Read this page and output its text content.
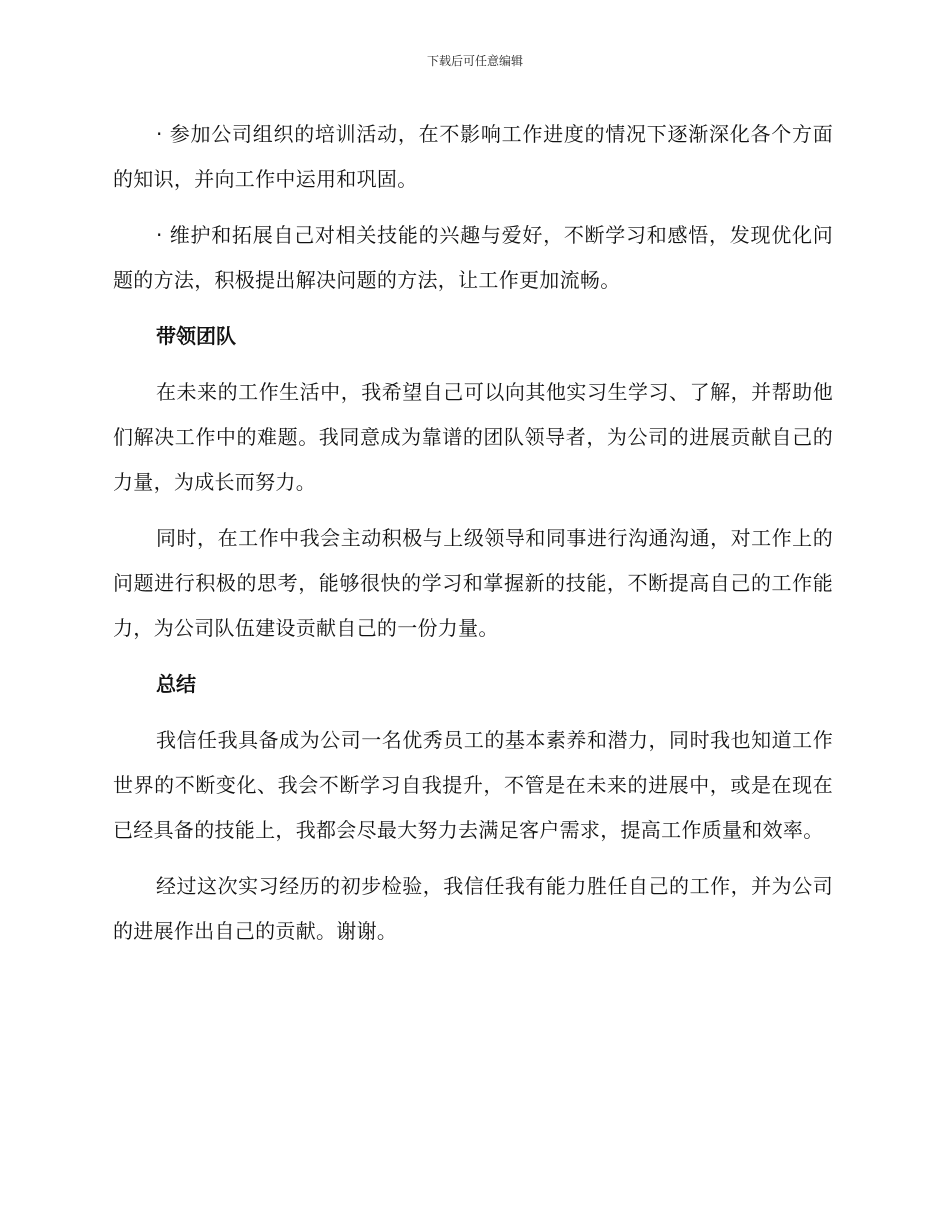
下载后可任意编辑

· 参加公司组织的培训活动，在不影响工作进度的情况下逐渐深化各个方面的知识，并向工作中运用和巩固。

· 维护和拓展自己对相关技能的兴趣与爱好，不断学习和感悟，发现优化问题的方法，积极提出解决问题的方法，让工作更加流畅。

带领团队

在未来的工作生活中，我希望自己可以向其他实习生学习、了解，并帮助他们解决工作中的难题。我同意成为靠谱的团队领导者，为公司的进展贡献自己的力量，为成长而努力。

同时，在工作中我会主动积极与上级领导和同事进行沟通沟通，对工作上的问题进行积极的思考，能够很快的学习和掌握新的技能，不断提高自己的工作能力，为公司队伍建设贡献自己的一份力量。

总结

我信任我具备成为公司一名优秀员工的基本素养和潜力，同时我也知道工作世界的不断变化、我会不断学习自我提升，不管是在未来的进展中，或是在现在已经具备的技能上，我都会尽最大努力去满足客户需求，提高工作质量和效率。

经过这次实习经历的初步检验，我信任我有能力胜任自己的工作，并为公司的进展作出自己的贡献。谢谢。
